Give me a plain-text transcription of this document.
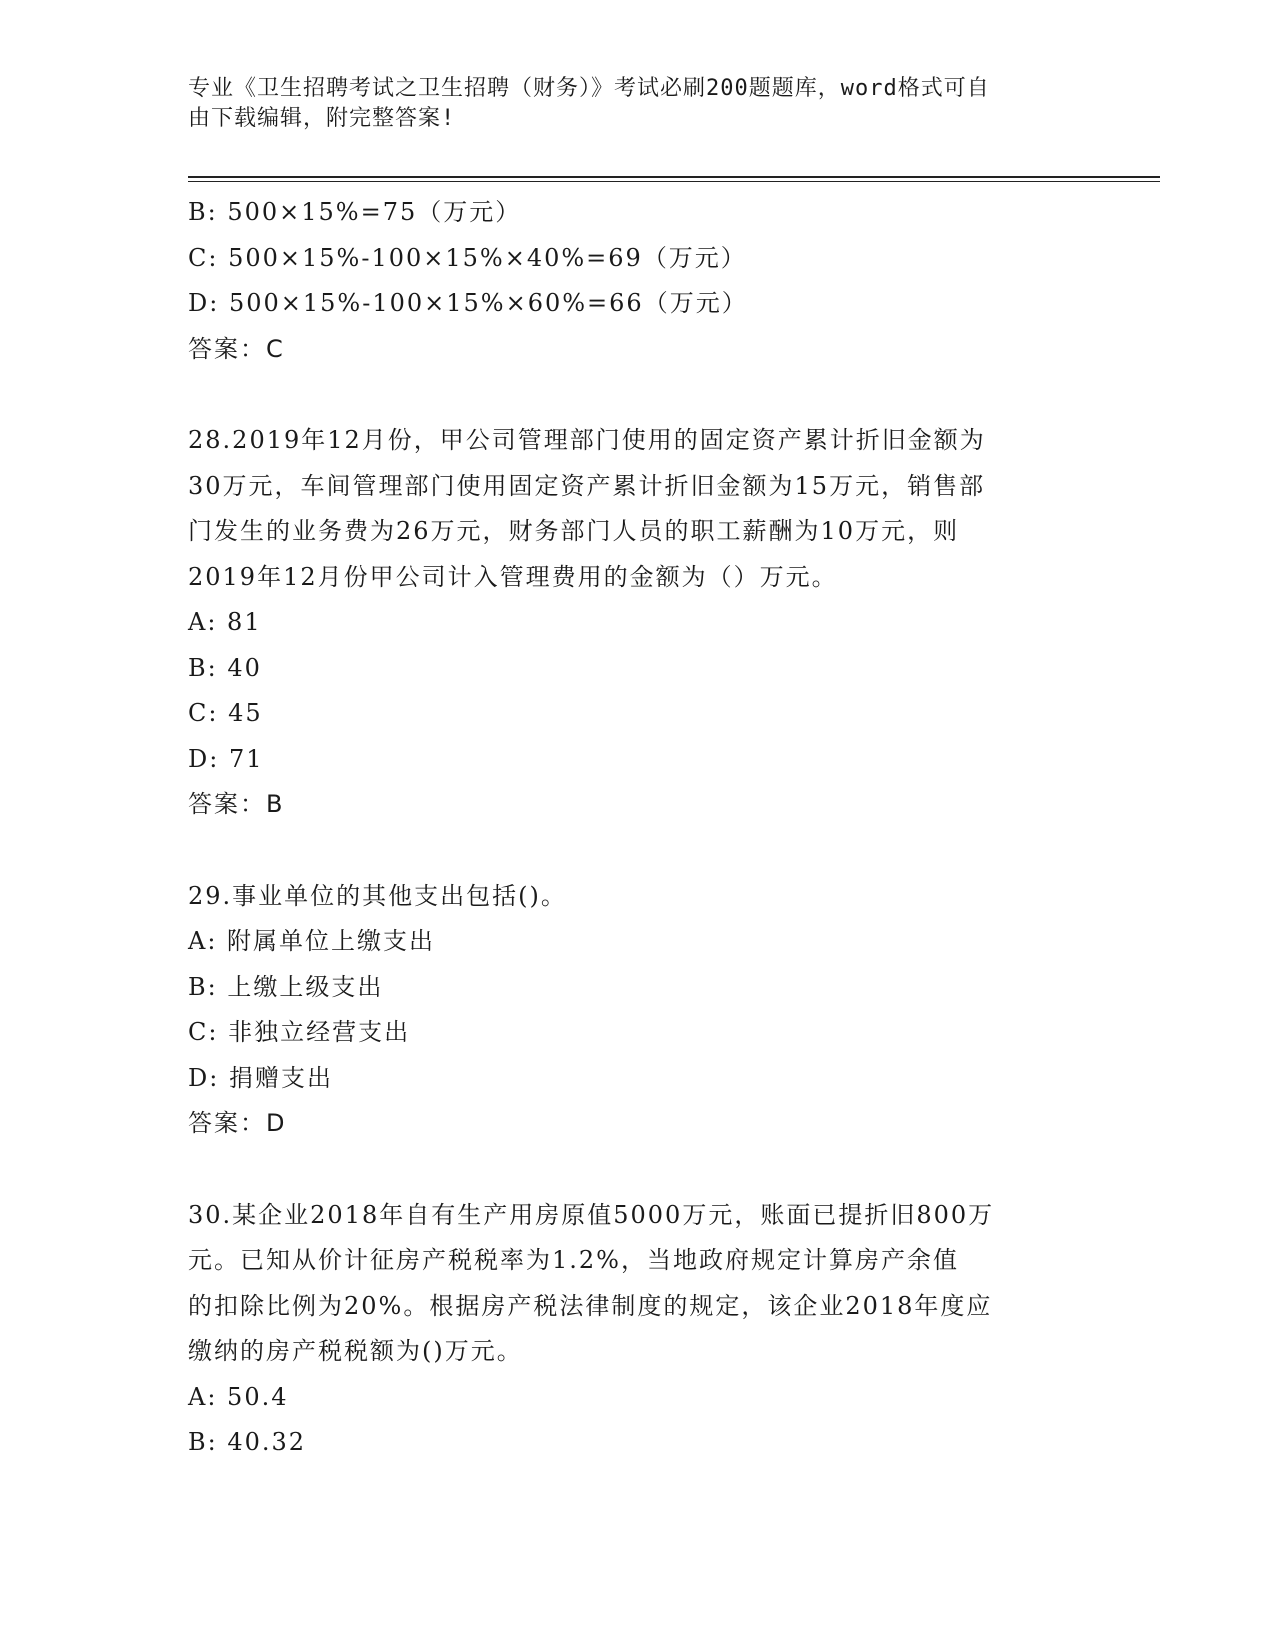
专业《卫生招聘考试之卫生招聘（财务）》考试必刷200题题库，word格式可自
由下载编辑，附完整答案!
B: 500×15%=75（万元）
C: 500×15%-100×15%×40%=69（万元）
D: 500×15%-100×15%×60%=66（万元）
答案：C
28.2019年12月份，甲公司管理部门使用的固定资产累计折旧金额为
30万元，车间管理部门使用固定资产累计折旧金额为15万元，销售部
门发生的业务费为26万元，财务部门人员的职工薪酬为10万元，则
2019年12月份甲公司计入管理费用的金额为（）万元。
A: 81
B: 40
C: 45
D: 71
答案：B
29.事业单位的其他支出包括()。
A: 附属单位上缴支出
B: 上缴上级支出
C: 非独立经营支出
D: 捐赠支出
答案：D
30.某企业2018年自有生产用房原值5000万元，账面已提折旧800万
元。已知从价计征房产税税率为1.2%，当地政府规定计算房产余值
的扣除比例为20%。根据房产税法律制度的规定，该企业2018年度应
缴纳的房产税税额为()万元。
A: 50.4
B: 40.32
